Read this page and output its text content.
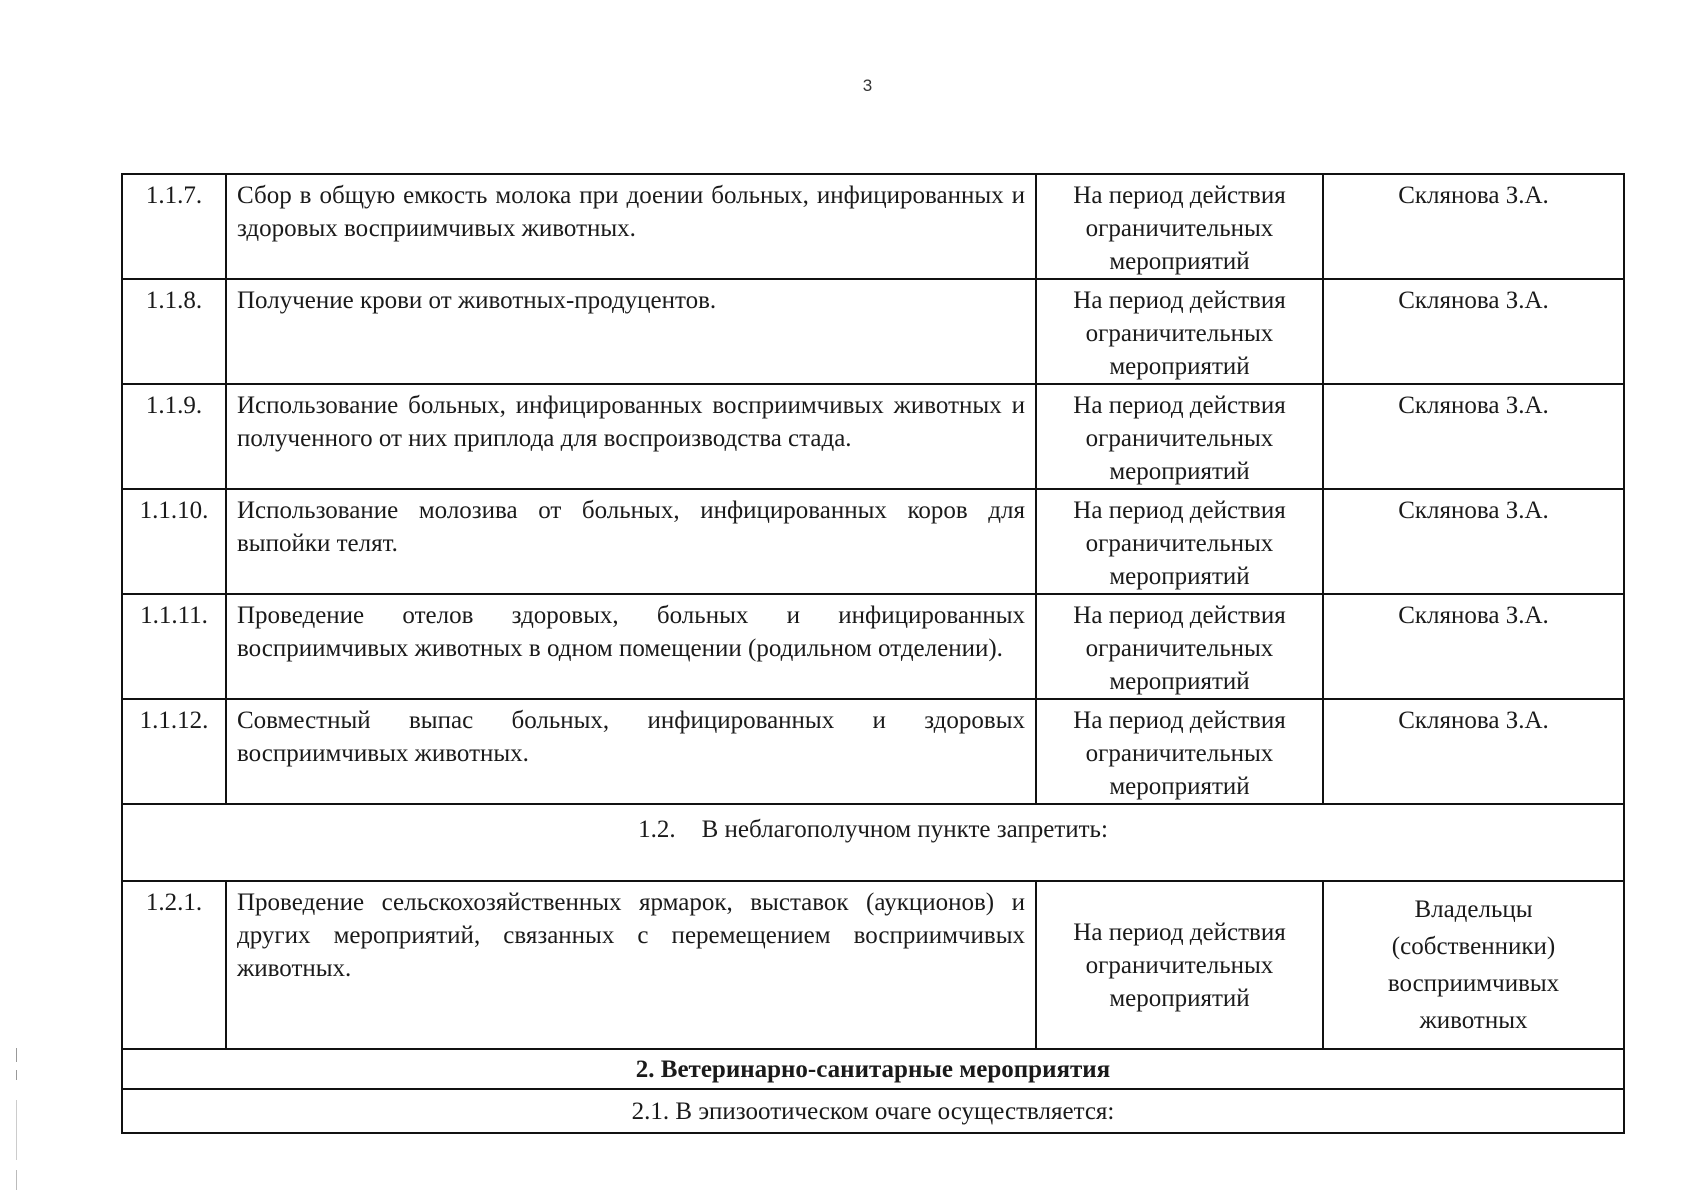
3
1.1.7.	Сбор в общую емкость молока при доении больных, инфицированных и здоровых восприимчивых животных.	На период действия ограничительных мероприятий	Склянова З.А.
1.1.8.	Получение крови от животных-продуцентов.	На период действия ограничительных мероприятий	Склянова З.А.
1.1.9.	Использование больных, инфицированных восприимчивых животных и полученного от них приплода для воспроизводства стада.	На период действия ограничительных мероприятий	Склянова З.А.
1.1.10.	Использование молозива от больных, инфицированных коров для выпойки телят.	На период действия ограничительных мероприятий	Склянова З.А.
1.1.11.	Проведение отелов здоровых, больных и инфицированных восприимчивых животных в одном помещении (родильном отделении).	На период действия ограничительных мероприятий	Склянова З.А.
1.1.12.	Совместный выпас больных, инфицированных и здоровых восприимчивых животных.	На период действия ограничительных мероприятий	Склянова З.А.
1.2. В неблагополучном пункте запретить:			
1.2.1.	Проведение сельскохозяйственных ярмарок, выставок (аукционов) и других мероприятий, связанных с перемещением восприимчивых животных.	На период действия ограничительных мероприятий	Владельцы (собственники) восприимчивых животных
2. Ветеринарно-санитарные мероприятия			
2.1. В эпизоотическом очаге осуществляется:			
